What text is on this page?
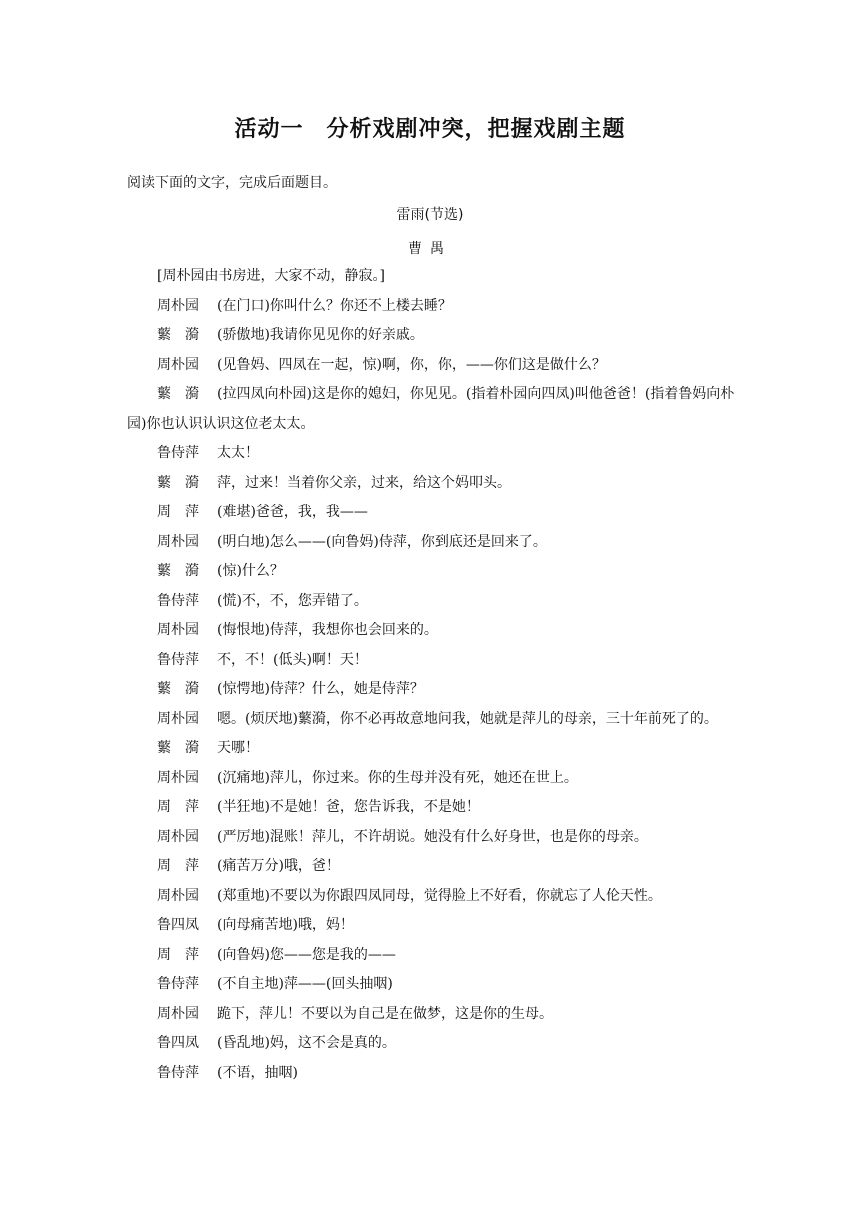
活动一　分析戏剧冲突，把握戏剧主题
阅读下面的文字，完成后面题目。
雷雨(节选)
曹禺

[周朴园由书房进，大家不动，静寂。]

周朴园 (在门口)你叫什么？你还不上楼去睡？

蘩漪 (骄傲地)我请你见见你的好亲戚。

周朴园 (见鲁妈、四凤在一起，惊)啊，你，你，——你们这是做什么？

蘩漪 (拉四凤向朴园)这是你的媳妇，你见见。(指着朴园向四凤)叫他爸爸！(指着鲁妈向朴园)你也认识认识这位老太太。

鲁侍萍 太太！

蘩漪 萍，过来！当着你父亲，过来，给这个妈叩头。

周萍 (难堪)爸爸，我，我——

周朴园 (明白地)怎么——(向鲁妈)侍萍，你到底还是回来了。

蘩漪 (惊)什么？

鲁侍萍 (慌)不，不，您弄错了。

周朴园 (悔恨地)侍萍，我想你也会回来的。

鲁侍萍 不，不！(低头)啊！天！

蘩漪 (惊愕地)侍萍？什么，她是侍萍？

周朴园 嗯。(烦厌地)蘩漪，你不必再故意地问我，她就是萍儿的母亲，三十年前死了的。

蘩漪 天哪！

周朴园 (沉痛地)萍儿，你过来。你的生母并没有死，她还在世上。

周萍 (半狂地)不是她！爸，您告诉我，不是她！

周朴园 (严厉地)混账！萍儿，不许胡说。她没有什么好身世，也是你的母亲。

周萍 (痛苦万分)哦，爸！

周朴园 (郑重地)不要以为你跟四凤同母，觉得脸上不好看，你就忘了人伦天性。

鲁四凤 (向母痛苦地)哦，妈！

周萍 (向鲁妈)您——您是我的——

鲁侍萍 (不自主地)萍——(回头抽咽)

周朴园 跪下，萍儿！不要以为自己是在做梦，这是你的生母。

鲁四凤 (昏乱地)妈，这不会是真的。

鲁侍萍 (不语，抽咽)
